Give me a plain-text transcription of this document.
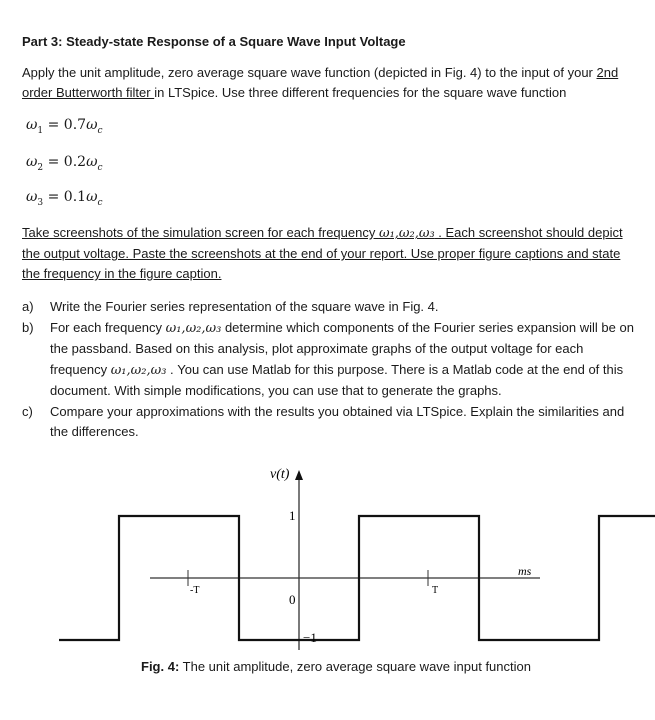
Part 3: Steady-state Response of a Square Wave Input Voltage
Apply the unit amplitude, zero average square wave function (depicted in Fig. 4) to the input of your 2nd order Butterworth filter in LTSpice. Use three different frequencies for the square wave function
$\omega_1 = 0.7\omega_c$
$\omega_2 = 0.2\omega_c$
$\omega_3 = 0.1\omega_c$
Take screenshots of the simulation screen for each frequency ω₁,ω₂,ω₃ . Each screenshot should depict the output voltage. Paste the screenshots at the end of your report. Use proper figure captions and state the frequency in the figure caption.
a)	Write the Fourier series representation of the square wave in Fig. 4.
b)	For each frequency ω₁,ω₂,ω₃ determine which components of the Fourier series expansion will be on the passband. Based on this analysis, plot approximate graphs of the output voltage for each frequency ω₁,ω₂,ω₃ . You can use Matlab for this purpose. There is a Matlab code at the end of this document. With simple modifications, you can use that to generate the graphs.
c)	Compare your approximations with the results you obtained via LTSpice. Explain the similarities and the differences.
v(t)
1
0
−1
-T	T
ms
Fig. 4: The unit amplitude, zero average square wave input function
